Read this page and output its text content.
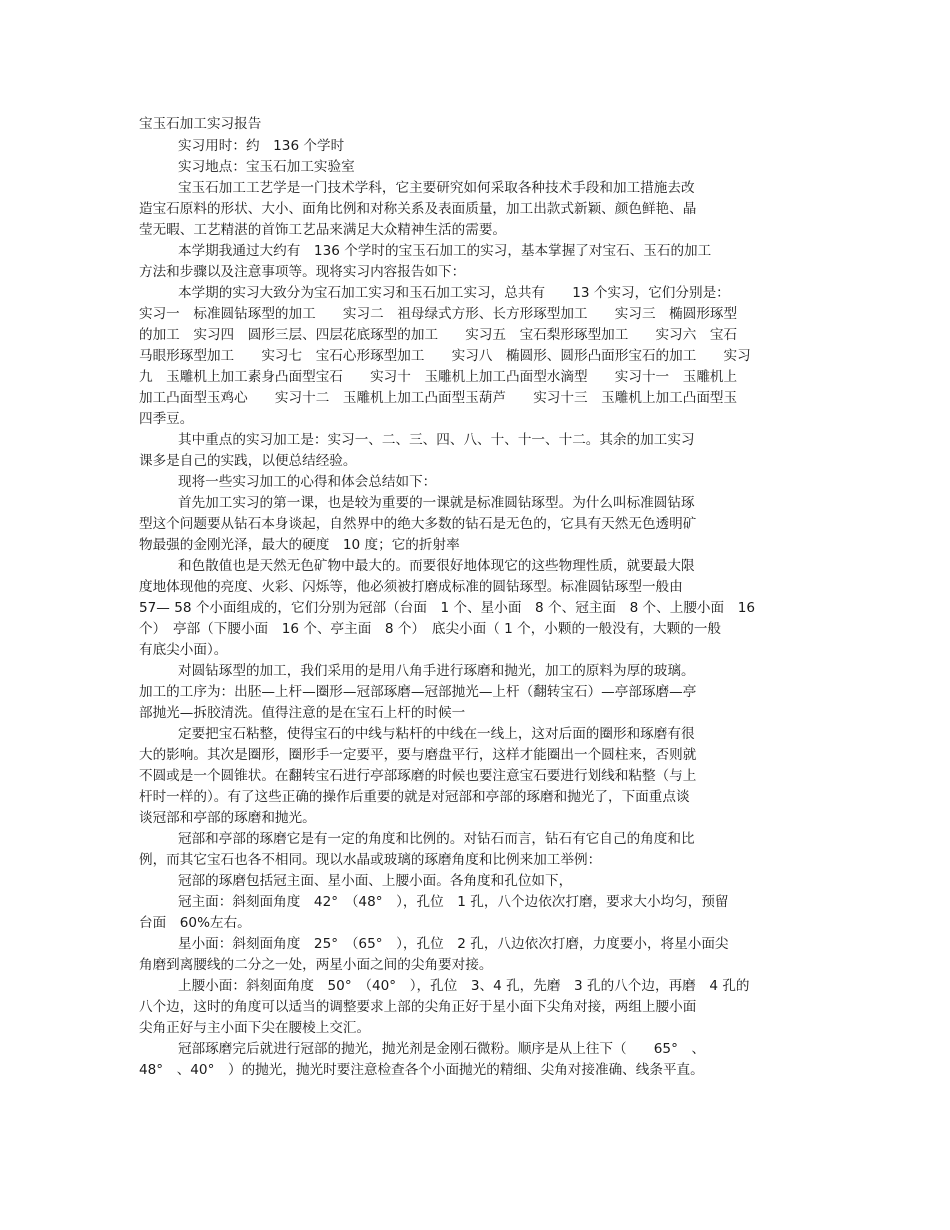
宝玉石加工实习报告
实习用时：约　136 个学时
实习地点：宝玉石加工实验室
宝玉石加工工艺学是一门技术学科，它主要研究如何采取各种技术手段和加工措施去改
造宝石原料的形状、大小、面角比例和对称关系及表面质量，加工出款式新颖、颜色鲜艳、晶
莹无暇、工艺精湛的首饰工艺品来满足大众精神生活的需要。
本学期我通过大约有　136 个学时的宝玉石加工的实习，基本掌握了对宝石、玉石的加工
方法和步骤以及注意事项等。现将实习内容报告如下：
本学期的实习大致分为宝石加工实习和玉石加工实习，总共有　　13 个实习，它们分别是：
实习一　标准圆钻琢型的加工　　实习二　祖母绿式方形、长方形琢型加工　　实习三　椭圆形琢型
的加工　实习四　圆形三层、四层花底琢型的加工　　实习五　宝石梨形琢型加工　　实习六　宝石
马眼形琢型加工　　实习七　宝石心形琢型加工　　实习八　椭圆形、圆形凸面形宝石的加工　　实习
九　玉雕机上加工素身凸面型宝石　　实习十　玉雕机上加工凸面型水滴型　　实习十一　玉雕机上
加工凸面型玉鸡心　　实习十二　玉雕机上加工凸面型玉葫芦　　实习十三　玉雕机上加工凸面型玉
四季豆。
其中重点的实习加工是：实习一、二、三、四、八、十、十一、十二。其余的加工实习
课多是自己的实践，以便总结经验。
现将一些实习加工的心得和体会总结如下：
首先加工实习的第一课，也是较为重要的一课就是标准圆钻琢型。为什么叫标准圆钻琢
型这个问题要从钻石本身谈起，自然界中的绝大多数的钻石是无色的，它具有天然无色透明矿
物最强的金刚光泽，最大的硬度　10 度；它的折射率
和色散值也是天然无色矿物中最大的。而要很好地体现它的这些物理性质，就要最大限
度地体现他的亮度、火彩、闪烁等，他必须被打磨成标准的圆钻琢型。标准圆钻琢型一般由
57— 58 个小面组成的，它们分别为冠部（台面　1 个、星小面　8 个、冠主面　8 个、上腰小面　16
个）　亭部（下腰小面　16 个、亭主面　8 个）　底尖小面（ 1 个，小颗的一般没有，大颗的一般
有底尖小面）。
对圆钻琢型的加工，我们采用的是用八角手进行琢磨和抛光，加工的原料为厚的玻璃。
加工的工序为：出胚—上杆—圈形—冠部琢磨—冠部抛光—上杆（翻转宝石）—亭部琢磨—亭
部抛光—拆胶清洗。值得注意的是在宝石上杆的时候一
定要把宝石粘整，使得宝石的中线与粘杆的中线在一线上，这对后面的圈形和琢磨有很
大的影响。其次是圈形，圈形手一定要平，要与磨盘平行，这样才能圈出一个圆柱来，否则就
不圆或是一个圆锥状。在翻转宝石进行亭部琢磨的时候也要注意宝石要进行划线和粘整（与上
杆时一样的）。有了这些正确的操作后重要的就是对冠部和亭部的琢磨和抛光了，下面重点谈
谈冠部和亭部的琢磨和抛光。
冠部和亭部的琢磨它是有一定的角度和比例的。对钻石而言，钻石有它自己的角度和比
例，而其它宝石也各不相同。现以水晶或玻璃的琢磨角度和比例来加工举例：
冠部的琢磨包括冠主面、星小面、上腰小面。各角度和孔位如下，
冠主面：斜刻面角度　42°　（48°　），孔位　1 孔，八个边依次打磨，要求大小均匀，预留
台面　60%左右。
星小面：斜刻面角度　25°　（65°　），孔位　2 孔，八边依次打磨，力度要小，将星小面尖
角磨到离腰线的二分之一处，两星小面之间的尖角要对接。
上腰小面：斜刻面角度　50°　（40°　），孔位　3、4 孔，先磨　3 孔的八个边，再磨　4 孔的
八个边，这时的角度可以适当的调整要求上部的尖角正好于星小面下尖角对接，两组上腰小面
尖角正好与主小面下尖在腰棱上交汇。
冠部琢磨完后就进行冠部的抛光，抛光剂是金刚石微粉。顺序是从上往下（　　65°　、
48°　、40°　）的抛光，抛光时要注意检查各个小面抛光的精细、尖角对接准确、线条平直。
